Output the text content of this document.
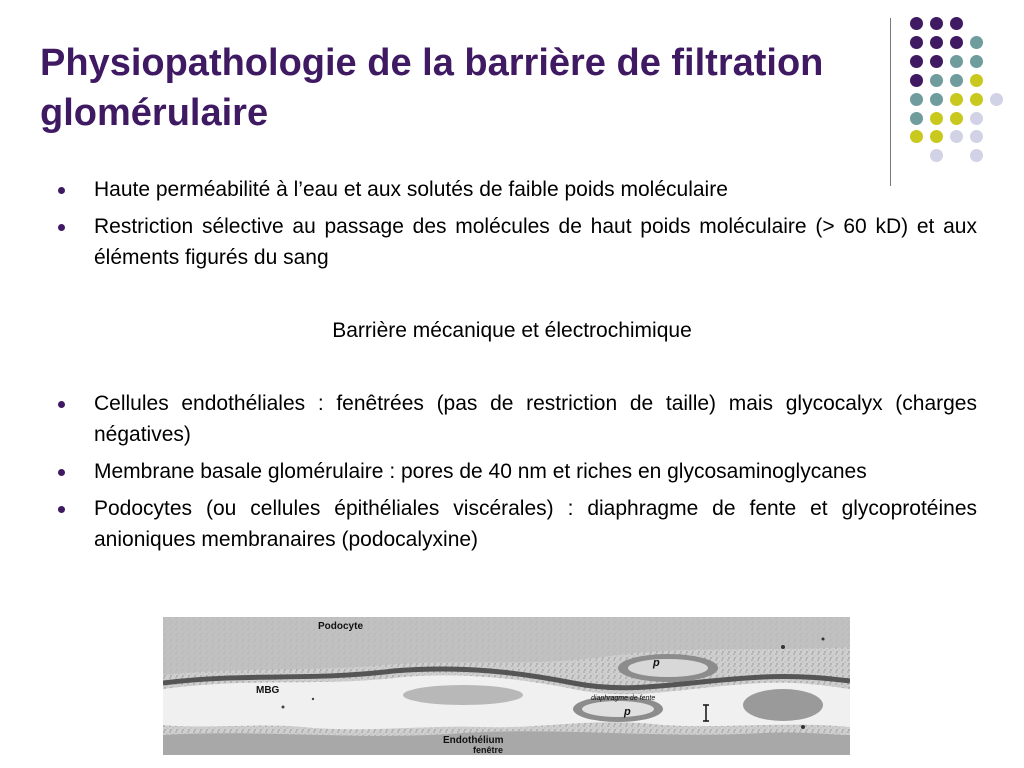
Physiopathologie de la barrière de filtration glomérulaire
Haute perméabilité à l’eau et aux solutés de faible poids moléculaire
Restriction sélective au passage des molécules de haut poids moléculaire (> 60 kD) et aux éléments figurés du sang
Barrière mécanique et électrochimique
Cellules endothéliales : fenêtrées (pas de restriction de taille) mais glycocalyx (charges négatives)
Membrane basale glomérulaire : pores de 40 nm et riches en glycosaminoglycanes
Podocytes (ou cellules épithéliales viscérales) : diaphragme de fente et glycoprotéines anioniques membranaires (podocalyxine)
Podocyte
MBG
p
p
diaphragme de fente
Endothélium
fenêtre
